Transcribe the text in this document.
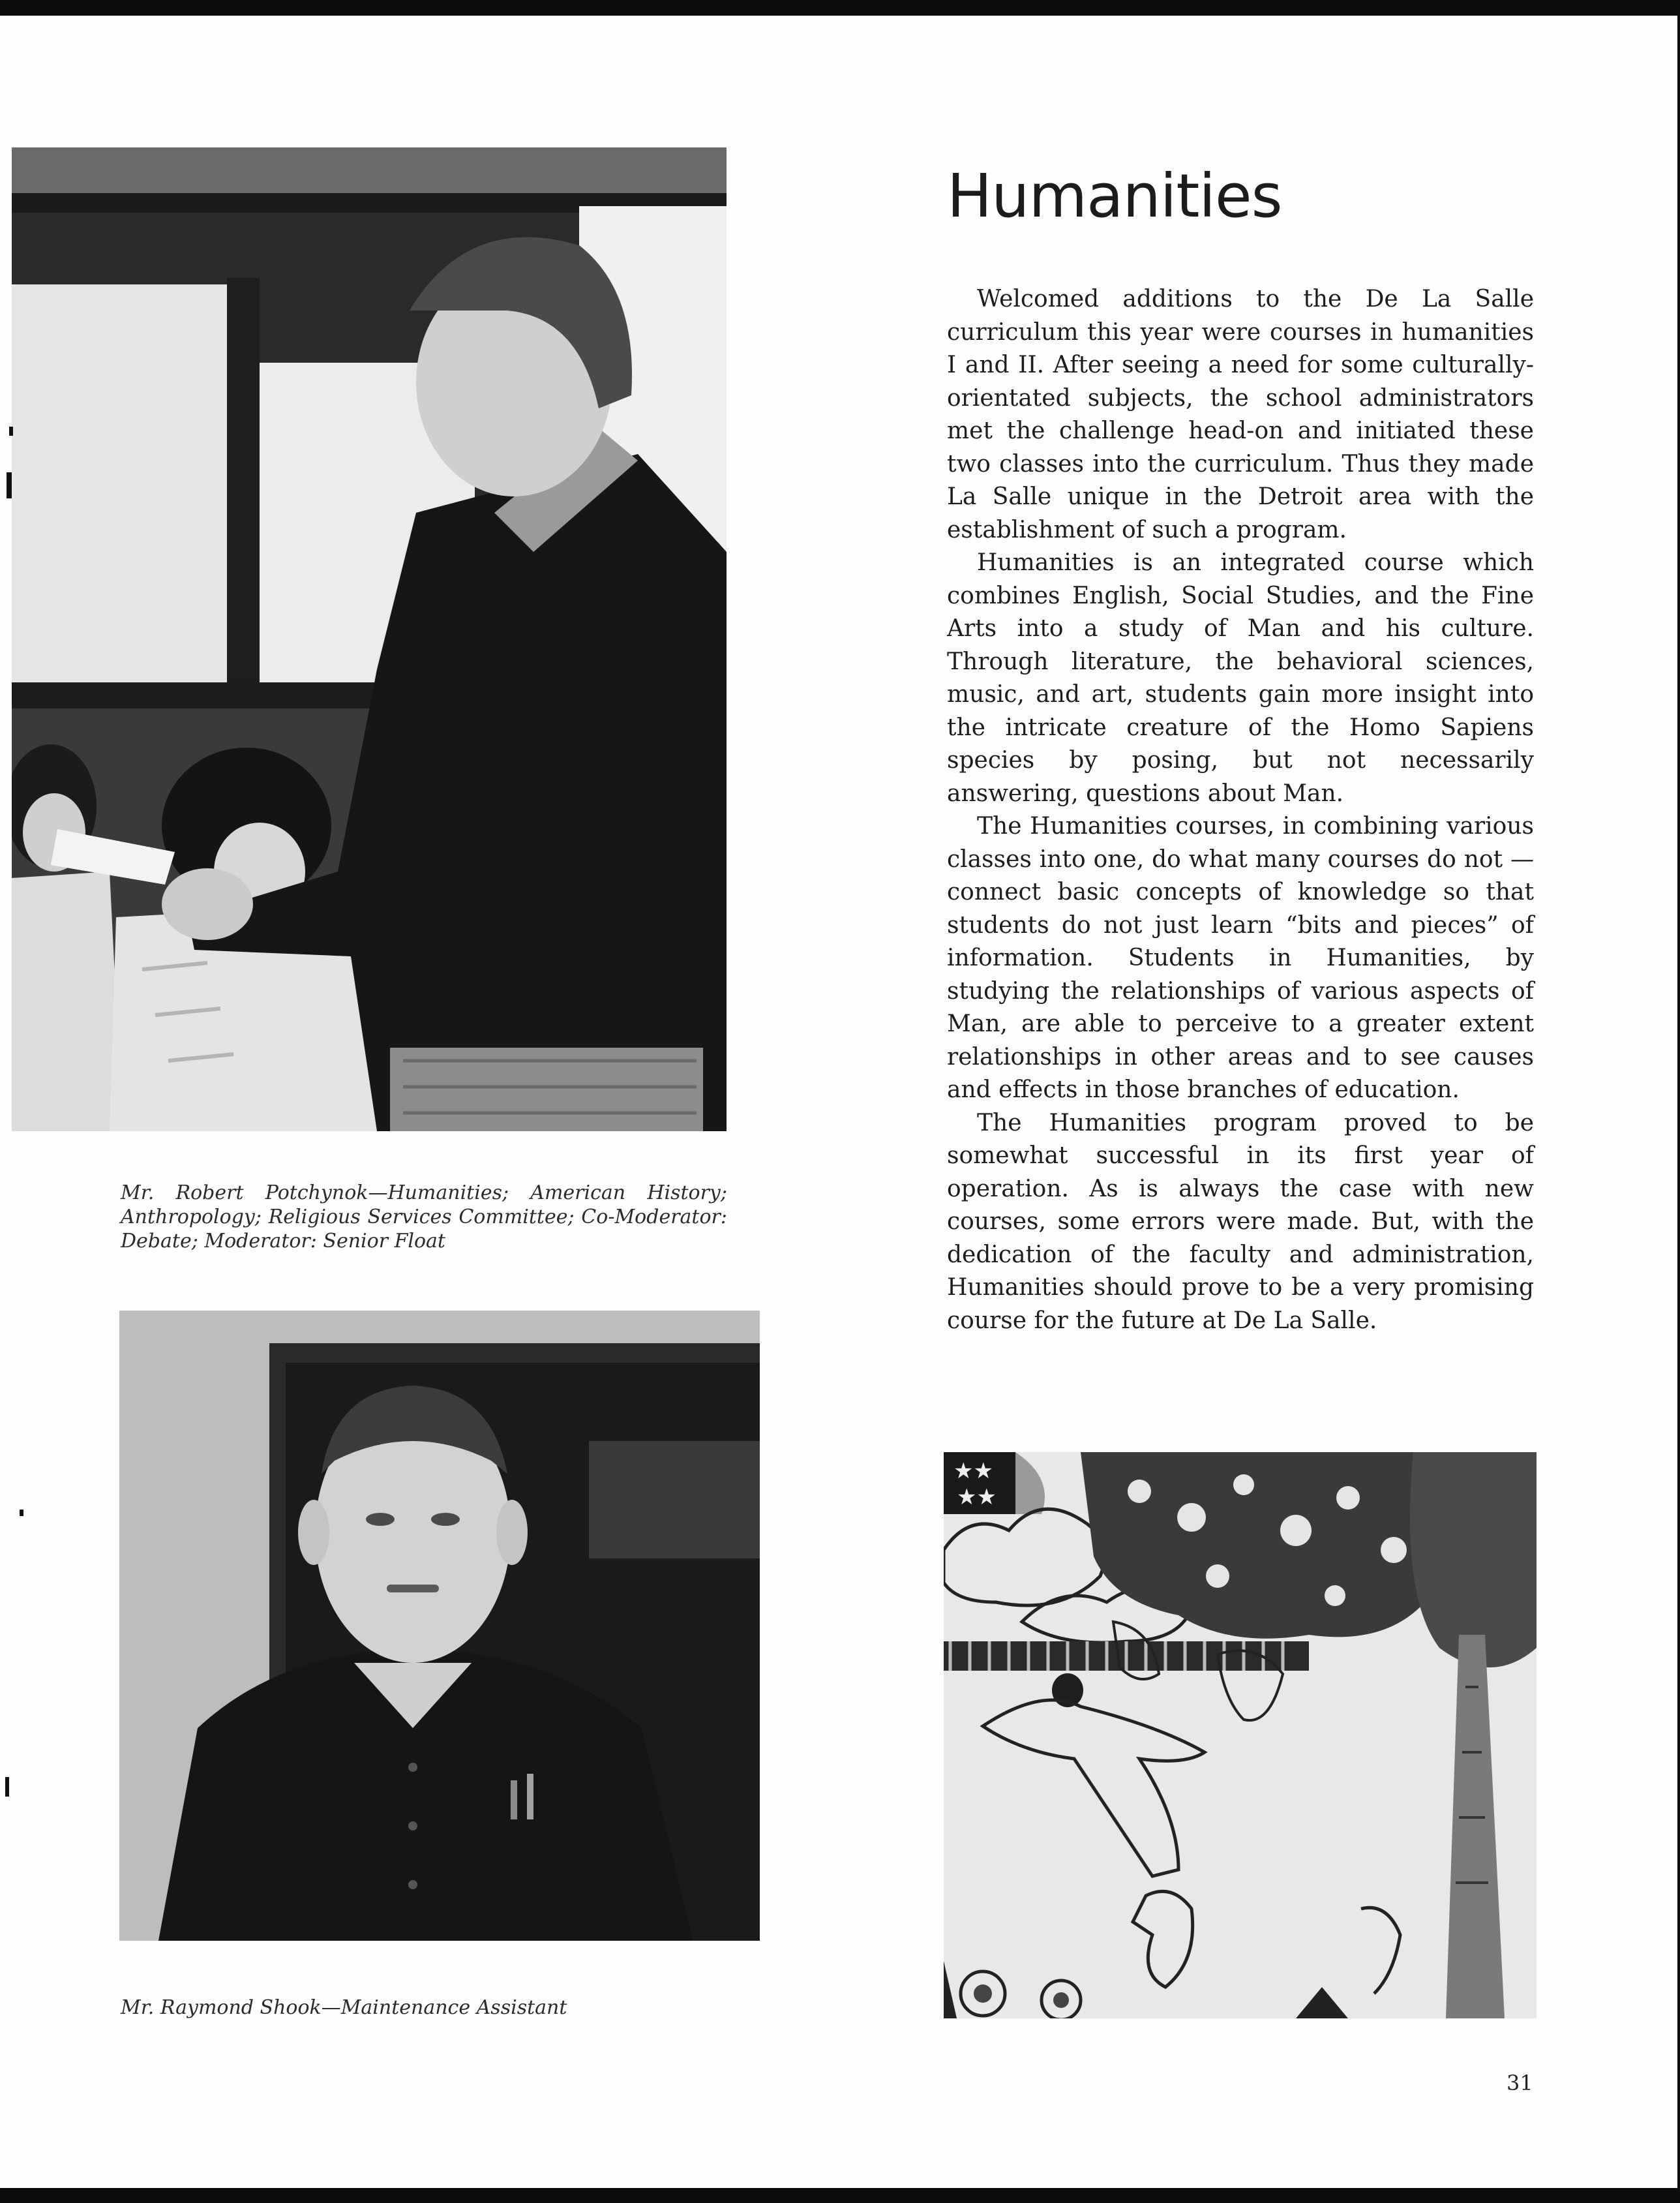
Mr. Robert Potchynok—Humanities; American History; Anthropology; Religious Services Committee; Co-Moderator: Debate; Moderator: Senior Float
Mr. Raymond Shook—Maintenance Assistant
Humanities

Welcomed additions to the De La Salle curriculum this year were courses in humanities I and II. After seeing a need for some culturally-orientated subjects, the school administrators met the challenge head-on and initiated these two classes into the curriculum. Thus they made La Salle unique in the Detroit area with the establishment of such a program.

Humanities is an integrated course which combines English, Social Studies, and the Fine Arts into a study of Man and his culture. Through literature, the behavioral sciences, music, and art, students gain more insight into the intricate creature of the Homo Sapiens species by posing, but not necessarily answering, questions about Man.

The Humanities courses, in combining various classes into one, do what many courses do not — connect basic concepts of knowledge so that students do not just learn “bits and pieces” of information. Students in Humanities, by studying the relationships of various aspects of Man, are able to perceive to a greater extent relationships in other areas and to see causes and effects in those branches of education.

The Humanities program proved to be somewhat successful in its first year of operation. As is always the case with new courses, some errors were made. But, with the dedication of the faculty and administration, Humanities should prove to be a very promising course for the future at De La Salle.

★★
★★
31
